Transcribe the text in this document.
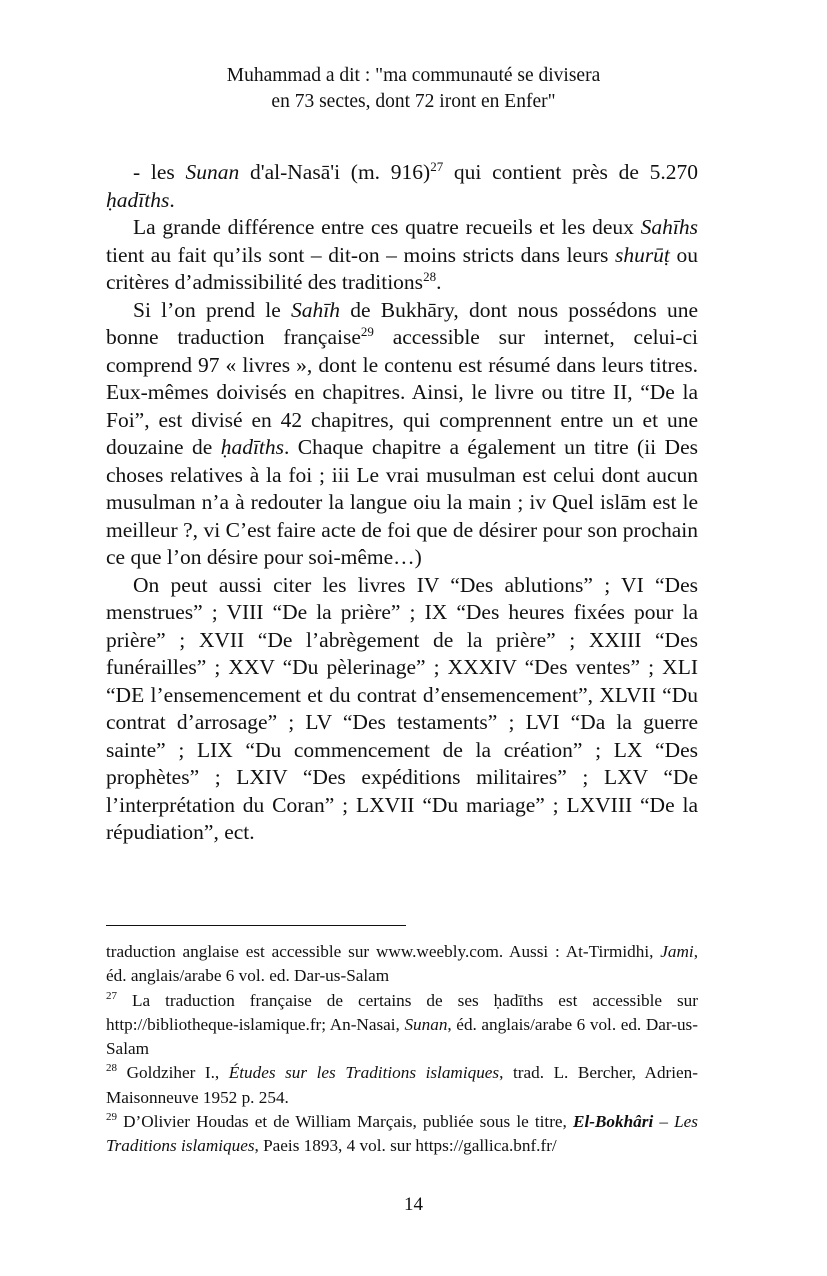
Muhammad a dit : "ma communauté se divisera
en 73 sectes, dont 72 iront en Enfer"

- les Sunan d'al-Nasā'i (m. 916)$^{27}$ qui contient près de 5.270 ḥadīths.

La grande différence entre ces quatre recueils et les deux Sahīhs tient au fait qu’ils sont – dit-on – moins stricts dans leurs shurūṭ ou critères d’admissibilité des traditions$^{28}$.

Si l’on prend le Sahīh de Bukhāry, dont nous possédons une bonne traduction française$^{29}$ accessible sur internet, celui-ci comprend 97 « livres », dont le contenu est résumé dans leurs titres. Eux-mêmes doivisés en chapitres. Ainsi, le livre ou titre II, “De la Foi”, est divisé en 42 chapitres, qui comprennent entre un et une douzaine de ḥadīths. Chaque chapitre a également un titre (ii Des choses relatives à la foi ; iii Le vrai musulman est celui dont aucun musulman n’a à redouter la langue oiu la main ; iv Quel islām est le meilleur ?, vi C’est faire acte de foi que de désirer pour son prochain ce que l’on désire pour soi-même…)

On peut aussi citer les livres IV “Des ablutions” ; VI “Des menstrues” ; VIII “De la prière” ; IX “Des heures fixées pour la prière” ; XVII “De l’abrègement de la prière” ; XXIII “Des funérailles” ; XXV “Du pèlerinage” ; XXXIV “Des ventes” ; XLI “DE l’ensemencement et du contrat d’ensemencement”, XLVII “Du contrat d’arrosage” ; LV “Des testaments” ; LVI “Da la guerre sainte” ; LIX “Du commencement de la création” ; LX “Des prophètes” ; LXIV “Des expéditions militaires” ; LXV “De l’interprétation du Coran” ; LXVII “Du mariage” ; LXVIII “De la répudiation”, ect.

traduction anglaise est accessible sur www.weebly.com. Aussi : At-Tirmidhi, Jami, éd. anglais/arabe 6 vol. ed. Dar-us-Salam

$^{27}$ La traduction française de certains de ses ḥadīths est accessible sur http://bibliotheque-islamique.fr; An-Nasai, Sunan, éd. anglais/arabe 6 vol. ed. Dar-us-Salam

$^{28}$ Goldziher I., Études sur les Traditions islamiques, trad. L. Bercher, Adrien-Maisonneuve 1952 p. 254.

$^{29}$ D’Olivier Houdas et de William Marçais, publiée sous le titre, El-Bokhâri – Les Traditions islamiques, Paeis 1893, 4 vol. sur https://gallica.bnf.fr/

14
